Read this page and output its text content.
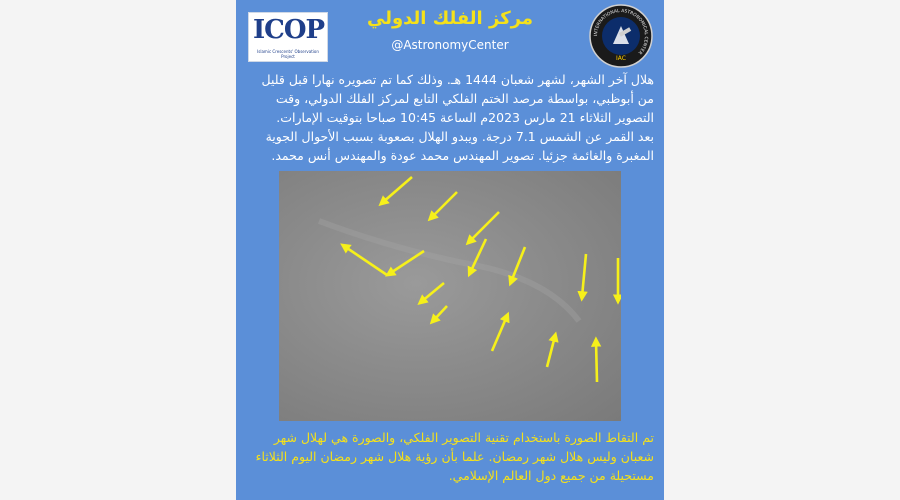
ICOP
Islamic Crescents' Observation Project
مركز الفلك الدولي
@AstronomyCenter
INTERNATIONAL ASTRONOMICAL CENTER
IAC
هلال آخر الشهر، لشهر شعبان 1444 هـ. وذلك كما تم تصويره نهارا قبل قليل من أبوظبي، بواسطة مرصد الختم الفلكي التابع لمركز الفلك الدولي، وقت التصوير الثلاثاء 21 مارس 2023م الساعة 10:45 صباحا بتوقيت الإمارات.
بعد القمر عن الشمس 7.1 درجة. ويبدو الهلال بصعوبة بسبب الأحوال الجوية المغبرة والغائمة جزئيا. تصوير المهندس محمد عودة والمهندس أنس محمد.
تم التقاط الصورة باستخدام تقنية التصوير الفلكي، والصورة هي لهلال شهر شعبان وليس هلال شهر رمضان. علما بأن رؤية هلال شهر رمضان اليوم الثلاثاء مستحيلة من جميع دول العالم الإسلامي.
